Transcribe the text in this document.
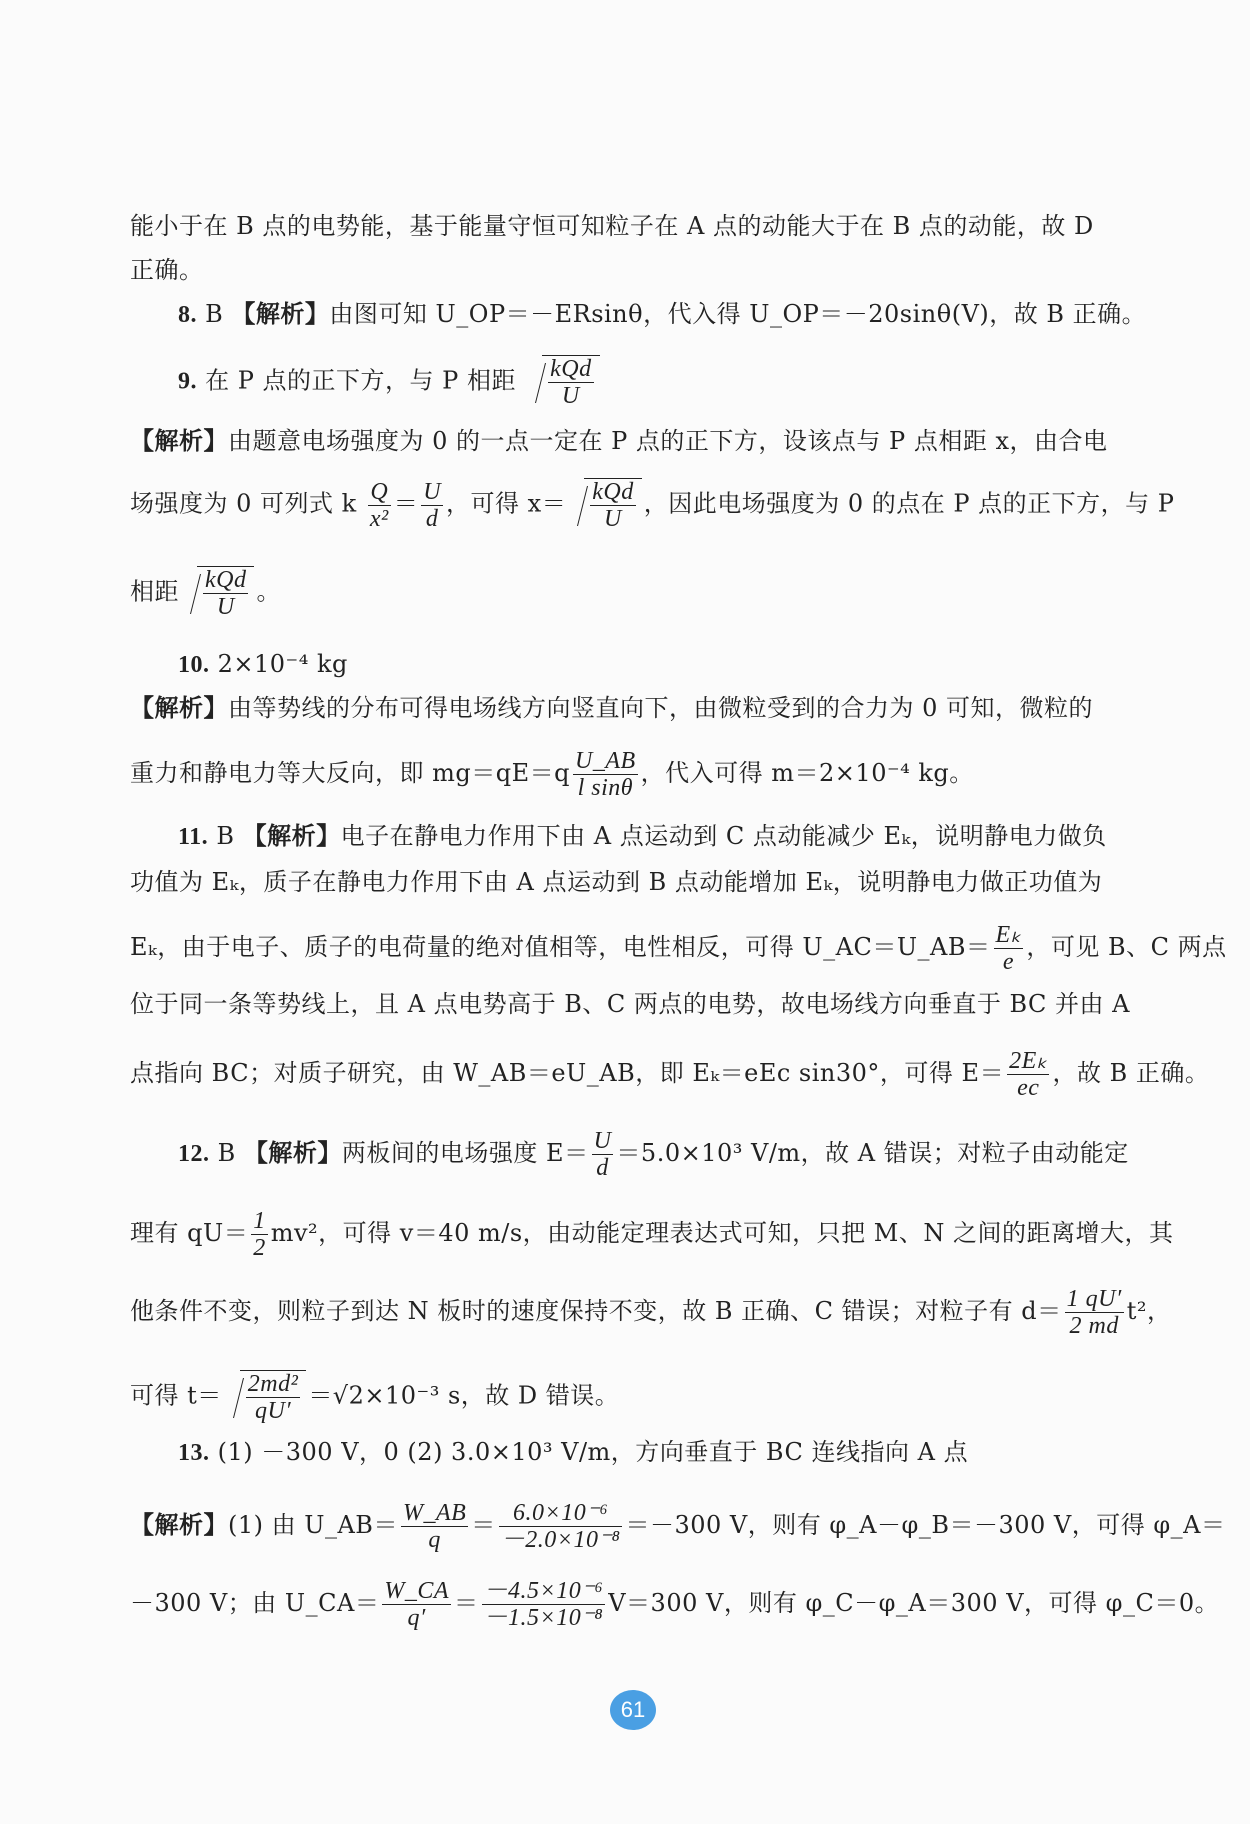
能小于在 B 点的电势能，基于能量守恒可知粒子在 A 点的动能大于在 B 点的动能，故 D
正确。
8. B 【解析】由图可知 U_OP＝－ERsinθ，代入得 U_OP＝－20sinθ(V)，故 B 正确。
9. 在 P 点的正下方，与 P 相距 $\frac{\text{kQd}}{U}$
【解析】由题意电场强度为 0 的一点一定在 P 点的正下方，设该点与 P 点相距 x，由合电
场强度为 0 可列式 k $\frac{Q}{\text{x²}} = \frac{U}{d}$ ，可得 $x= \frac{\text{kQd}}{U}$ ，因此电场强度为 0 的点在 P 点的正下方，与 P
相距 $\frac{\text{kQd}}{U}$ 。
10. 2×10⁻⁴ kg
【解析】由等势线的分布可得电场线方向竖直向下，由微粒受到的合力为 0 可知，微粒的
重力和静电力等大反向，即 $mg=qE=q \frac{U\_AB}{\text{l sinθ}}$ ，代入可得 m＝2×10⁻⁴ kg。
11. B 【解析】电子在静电力作用下由 A 点运动到 C 点动能减少 Eₖ，说明静电力做负
功值为 Eₖ，质子在静电力作用下由 A 点运动到 B 点动能增加 Eₖ，说明静电力做正功值为
Eₖ，由于电子、质子的电荷量的绝对值相等，电性相反，可得 U_AC＝U_AB＝ $\frac{\text{Eₖ}}{e}$ ，可见 B、C 两点
位于同一条等势线上，且 A 点电势高于 B、C 两点的电势，故电场线方向垂直于 BC 并由 A
点指向 BC；对质子研究，由 W_AB＝eU_AB，即 Eₖ＝eEc sin30°，可得 $E= \frac{\text{2Eₖ}}{ec}$ ，故 B 正确。
12. B 【解析】两板间的电场强度 $E= \frac{U}{d} =5.0\times 10^3$ V/m，故 A 错误；对粒子由动能定
理有 $qU= \frac{1}{2} mv^2$，可得 v＝40 m/s，由动能定理表达式可知，只把 M、N 之间的距离增大，其
他条件不变，则粒子到达 N 板时的速度保持不变，故 B 正确、C 错误；对粒子有 $d= \frac{1 qU'}{2 md} t^2$，
可得 $t= \frac{\text{2md²}}{qU'} =√2\times 10^{-3}$ s，故 D 错误。
13. (1) －300 V，0 (2) 3.0×10³ V/m，方向垂直于 BC 连线指向 A 点
【解析】(1) 由 U_AB＝ $\frac{W\_AB}{q} = \frac{\text{6.0×10⁻⁶}}{\text{－2.0×10⁻⁸}} =-300$ V，则有 φ_A－φ_B＝－300 V，可得 φ_A＝
－300 V；由 U_CA＝ $\frac{W\_CA}{q'} = \frac{\text{－4.5×10⁻⁶}}{\text{－1.5×10⁻⁸}} V=300$ V，则有 φ_C－φ_A＝300 V，可得 φ_C＝0。
61
